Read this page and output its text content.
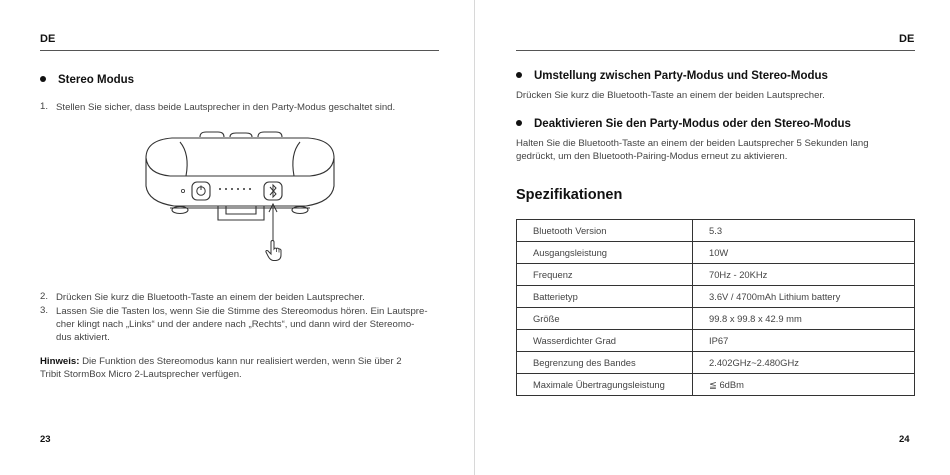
DE
Stereo Modus
1. Stellen Sie sicher, dass beide Lautsprecher in den Party-Modus geschaltet sind.
2. Drücken Sie kurz die Bluetooth-Taste an einem der beiden Lautsprecher.
3. Lassen Sie die Tasten los, wenn Sie die Stimme des Stereomodus hören. Ein Lautspre-
cher klingt nach „Links“ und der andere nach „Rechts“, und dann wird der Stereomo-
dus aktiviert.
Hinweis: Die Funktion des Stereomodus kann nur realisiert werden, wenn Sie über 2
Tribit StormBox Micro 2-Lautsprecher verfügen.
23
DE
Umstellung zwischen Party-Modus und Stereo-Modus
Drücken Sie kurz die Bluetooth-Taste an einem der beiden Lautsprecher.
Deaktivieren Sie den Party-Modus oder den Stereo-Modus
Halten Sie die Bluetooth-Taste an einem der beiden Lautsprecher 5 Sekunden lang
gedrückt, um den Bluetooth-Pairing-Modus erneut zu aktivieren.
Spezifikationen
Bluetooth Version	5.3
Ausgangsleistung	10W
Frequenz	70Hz - 20KHz
Batterietyp	3.6V / 4700mAh Lithium battery
Größe	99.8 x 99.8 x 42.9 mm
Wasserdichter Grad	IP67
Begrenzung des Bandes	2.402GHz~2.480GHz
Maximale Übertragungsleistung	≦ 6dBm
24
